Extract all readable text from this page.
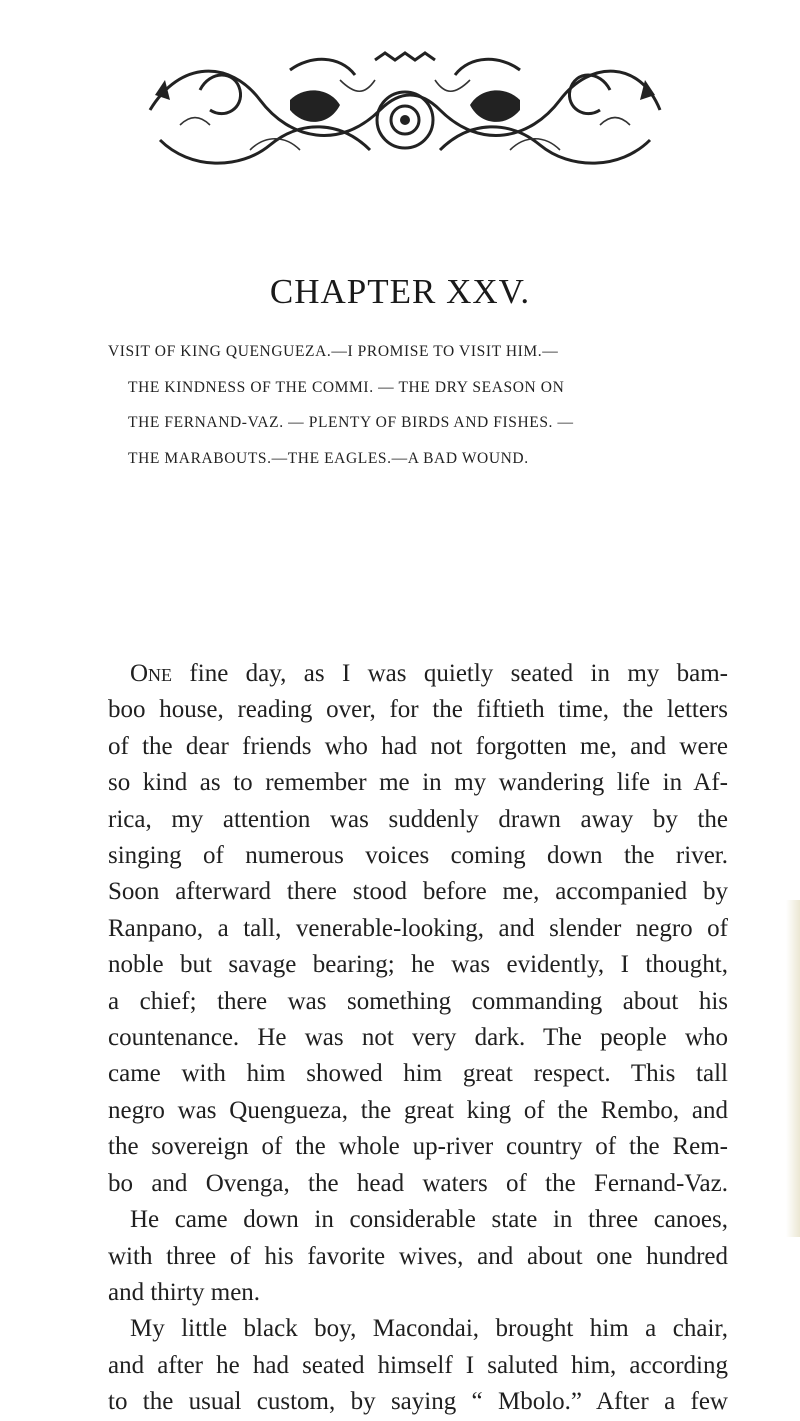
CHAPTER XXV.
VISIT OF KING QUENGUEZA.—I PROMISE TO VISIT HIM.—
THE KINDNESS OF THE COMMI. — THE DRY SEASON ON
THE FERNAND-VAZ. — PLENTY OF BIRDS AND FISHES. —
THE MARABOUTS.—THE EAGLES.—A BAD WOUND.
One fine day, as I was quietly seated in my bam-
boo house, reading over, for the fiftieth time, the letters
of the dear friends who had not forgotten me, and were
so kind as to remember me in my wandering life in Af-
rica, my attention was suddenly drawn away by the
singing of numerous voices coming down the river.
Soon afterward there stood before me, accompanied by
Ranpano, a tall, venerable-looking, and slender negro of
noble but savage bearing; he was evidently, I thought,
a chief; there was something commanding about his
countenance. He was not very dark. The people who
came with him showed him great respect. This tall
negro was Quengueza, the great king of the Rembo, and
the sovereign of the whole up-river country of the Rem-
bo and Ovenga, the head waters of the Fernand-Vaz.
He came down in considerable state in three canoes,
with three of his favorite wives, and about one hundred
and thirty men.
My little black boy, Macondai, brought him a chair,
and after he had seated himself I saluted him, according
to the usual custom, by saying “ Mbolo.” After a few
